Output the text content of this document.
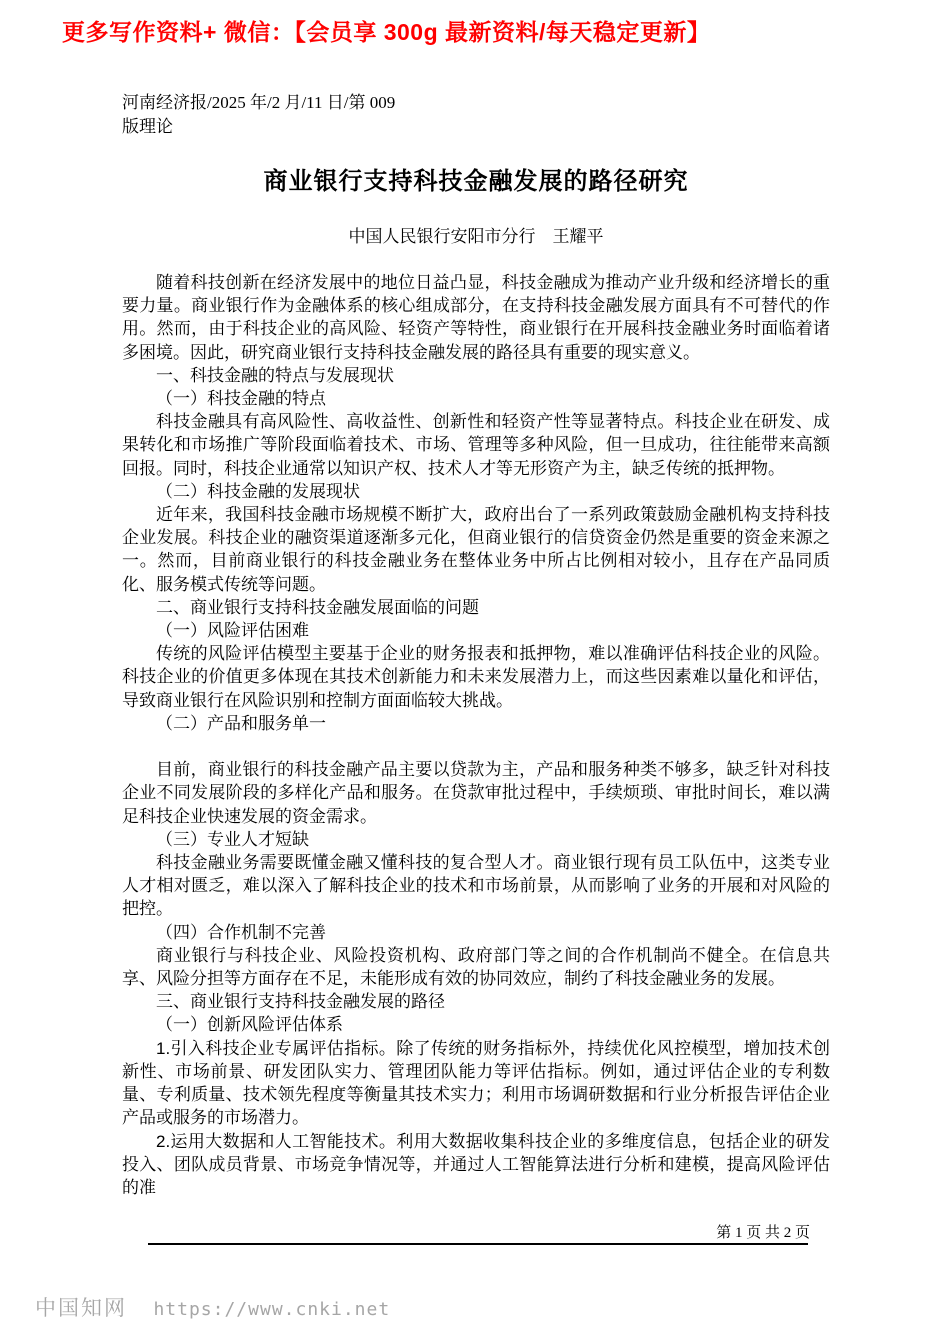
更多写作资料+ 微信：【会员享 300g 最新资料/每天稳定更新】
河南经济报/2025 年/2 月/11 日/第 009
版理论
商业银行支持科技金融发展的路径研究
中国人民银行安阳市分行　王耀平

随着科技创新在经济发展中的地位日益凸显，科技金融成为推动产业升级和经济增长的重要力量。商业银行作为金融体系的核心组成部分，在支持科技金融发展方面具有不可替代的作用。然而，由于科技企业的高风险、轻资产等特性，商业银行在开展科技金融业务时面临着诸多困境。因此，研究商业银行支持科技金融发展的路径具有重要的现实意义。

一、科技金融的特点与发展现状

（一）科技金融的特点

科技金融具有高风险性、高收益性、创新性和轻资产性等显著特点。科技企业在研发、成果转化和市场推广等阶段面临着技术、市场、管理等多种风险，但一旦成功，往往能带来高额回报。同时，科技企业通常以知识产权、技术人才等无形资产为主，缺乏传统的抵押物。

（二）科技金融的发展现状

近年来，我国科技金融市场规模不断扩大，政府出台了一系列政策鼓励金融机构支持科技企业发展。科技企业的融资渠道逐渐多元化，但商业银行的信贷资金仍然是重要的资金来源之一。然而，目前商业银行的科技金融业务在整体业务中所占比例相对较小，且存在产品同质化、服务模式传统等问题。

二、商业银行支持科技金融发展面临的问题

（一）风险评估困难

传统的风险评估模型主要基于企业的财务报表和抵押物，难以准确评估科技企业的风险。科技企业的价值更多体现在其技术创新能力和未来发展潜力上，而这些因素难以量化和评估，导致商业银行在风险识别和控制方面面临较大挑战。

（二）产品和服务单一

目前，商业银行的科技金融产品主要以贷款为主，产品和服务种类不够多，缺乏针对科技企业不同发展阶段的多样化产品和服务。在贷款审批过程中，手续烦琐、审批时间长，难以满足科技企业快速发展的资金需求。

（三）专业人才短缺

科技金融业务需要既懂金融又懂科技的复合型人才。商业银行现有员工队伍中，这类专业人才相对匮乏，难以深入了解科技企业的技术和市场前景，从而影响了业务的开展和对风险的把控。

（四）合作机制不完善

商业银行与科技企业、风险投资机构、政府部门等之间的合作机制尚不健全。在信息共享、风险分担等方面存在不足，未能形成有效的协同效应，制约了科技金融业务的发展。

三、商业银行支持科技金融发展的路径

（一）创新风险评估体系

1.引入科技企业专属评估指标。除了传统的财务指标外，持续优化风控模型，增加技术创新性、市场前景、研发团队实力、管理团队能力等评估指标。例如，通过评估企业的专利数量、专利质量、技术领先程度等衡量其技术实力；利用市场调研数据和行业分析报告评估企业产品或服务的市场潜力。

2.运用大数据和人工智能技术。利用大数据收集科技企业的多维度信息，包括企业的研发投入、团队成员背景、市场竞争情况等，并通过人工智能算法进行分析和建模，提高风险评估的准

第 1 页 共 2 页
中国知网 https://www.cnki.net
